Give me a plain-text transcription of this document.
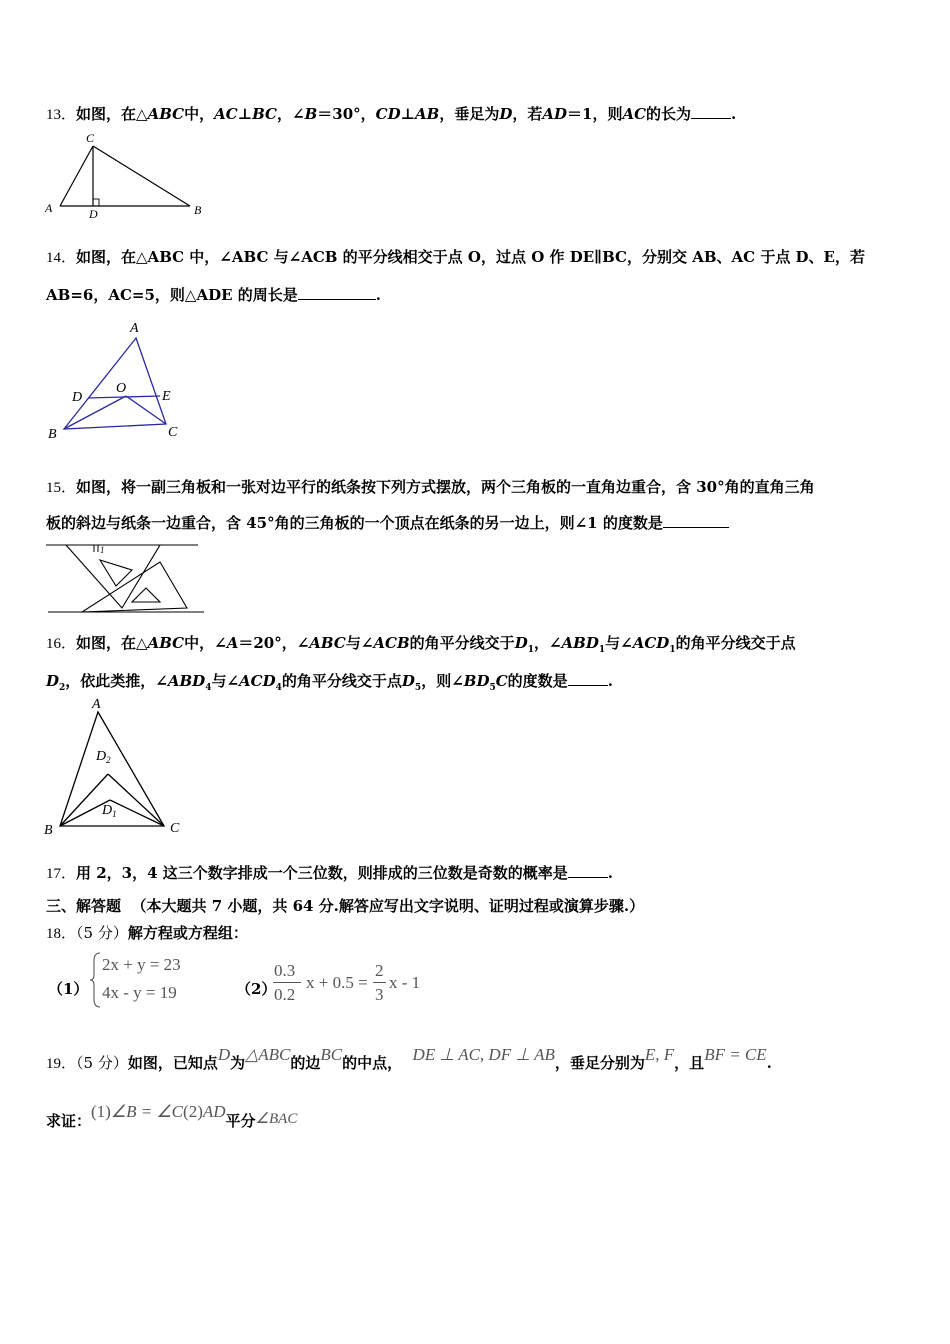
13．如图，在△ABC中，AC⊥BC，∠B＝30°，CD⊥AB，垂足为D，若AD＝1，则AC的长为	.
A	B
C
D
14．如图，在△ABC 中，∠ABC 与∠ACB 的平分线相交于点 O，过点 O 作 DE∥BC，分别交 AB、AC 于点 D、E，若
AB=6，AC=5，则△ADE 的周长是	.
A
B	C
D	E
O
15．如图，将一副三角板和一张对边平行的纸条按下列方式摆放，两个三角板的一直角边重合，含 30°角的直角三角
板的斜边与纸条一边重合，含 45°角的三角板的一个顶点在纸条的另一边上，则∠1 的度数是
1
16．如图，在△ABC中，∠A＝20°，∠ABC与∠ACB的角平分线交于$D_1$，$\angle ABD_1$与$\angle ACD_1$的角平分线交于点
$D_2$，依此类推，$\angle ABD_4$与$\angle ACD_4$的角平分线交于点$D_5$，则$\angle BD_5C$的度数是	.
A
B	C
$D_2$
$D_1$
17．用 2，3，4 这三个数字排成一个三位数，则排成的三位数是奇数的概率是	.
三、解答题 （本大题共 7 小题，共 64 分.解答应写出文字说明、证明过程或演算步骤.）
18．（5 分）解方程或方程组：
（1）
2x + y = 23
4x - y = 19	（2）
0.3
0.2
x + 0.5 =
2
3
x - 1
19．（5 分）如图，已知点D为△ABC的边BC的中点， DE ⊥ AC, DF ⊥ AB，垂足分别为E, F，且BF = CE.
求证：(1)∠B = ∠C(2)AD平分∠BAC
